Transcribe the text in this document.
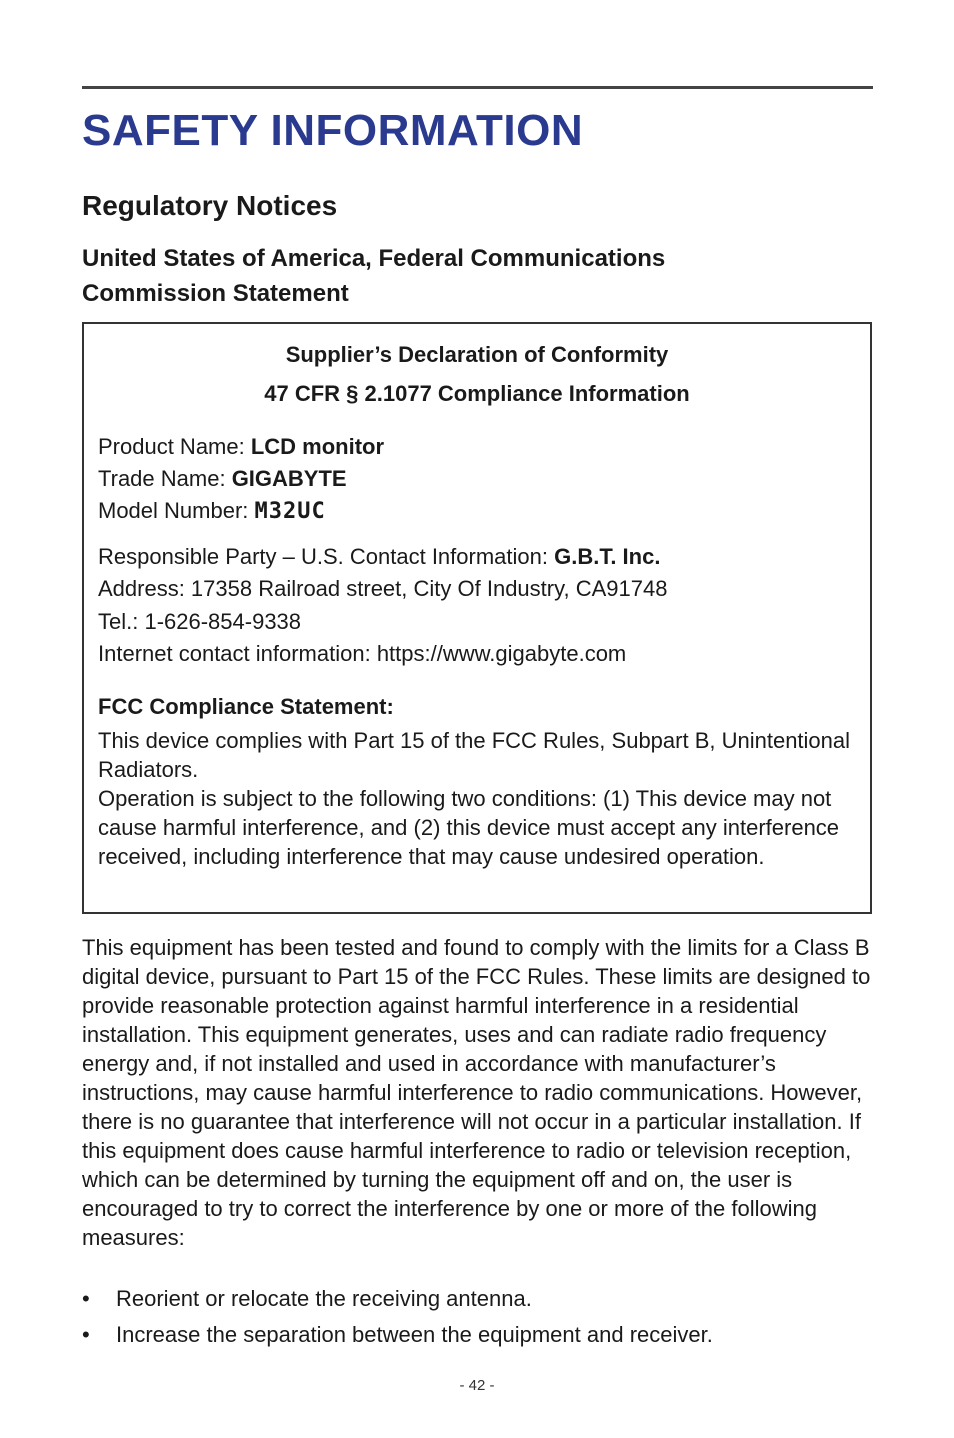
SAFETY INFORMATION
Regulatory Notices
United States of America, Federal Communications Commission Statement
Supplier’s Declaration of Conformity
47 CFR § 2.1077 Compliance Information
Product Name: LCD monitor
Trade Name: GIGABYTE
Model Number: M32UC
Responsible Party – U.S. Contact Information: G.B.T. Inc.
Address: 17358 Railroad street, City Of Industry, CA91748
Tel.: 1-626-854-9338
Internet contact information: https://www.gigabyte.com
FCC Compliance Statement:

This device complies with Part 15 of the FCC Rules, Subpart B, Unintentional Radiators.

Operation is subject to the following two conditions: (1) This device may not cause harmful interference, and (2) this device must accept any interference received, including interference that may cause undesired operation.

This equipment has been tested and found to comply with the limits for a Class B digital device, pursuant to Part 15 of the FCC Rules. These limits are designed to provide reasonable protection against harmful interference in a residential installation. This equipment generates, uses and can radiate radio frequency energy and, if not installed and used in accordance with manufacturer’s instructions, may cause harmful interference to radio communications. However, there is no guarantee that interference will not occur in a particular installation. If this equipment does cause harmful interference to radio or television reception, which can be determined by turning the equipment off and on, the user is encouraged to try to correct the interference by one or more of the following measures:

• Reorient or relocate the receiving antenna.
• Increase the separation between the equipment and receiver.
- 42 -
